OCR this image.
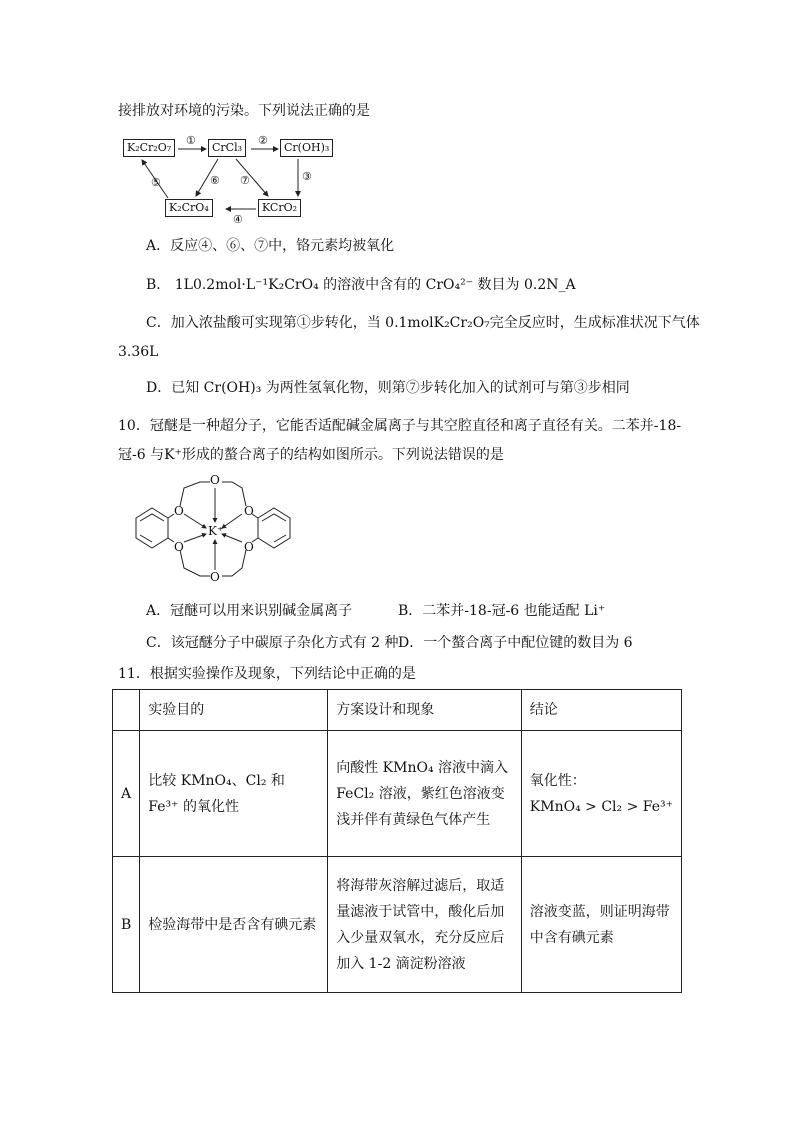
接排放对环境的污染。下列说法正确的是
K₂Cr₂O₇	CrCl₃	Cr(OH)₃
K₂CrO₄	KCrO₂
①	②
③
④
⑤	⑥ ⑦
A．反应④、⑥、⑦中，铬元素均被氧化
B． 1L0.2mol·L⁻¹K₂CrO₄ 的溶液中含有的 CrO₄²⁻ 数目为 0.2N_A
C．加入浓盐酸可实现第①步转化，当 0.1molK₂Cr₂O₇完全反应时，生成标准状况下气体
3.36L
D．已知 Cr(OH)₃ 为两性氢氧化物，则第⑦步转化加入的试剂可与第③步相同
10．冠醚是一种超分子，它能否适配碱金属离子与其空腔直径和离子直径有关。二苯并-18-
冠-6 与K⁺形成的螯合离子的结构如图所示。下列说法错误的是
O
O
O
O
O
O
K⁺
A．冠醚可以用来识别碱金属离子	B．二苯并-18-冠-6 也能适配 Li⁺
C．该冠醚分子中碳原子杂化方式有 2 种 D．一个螯合离子中配位键的数目为 6
11．根据实验操作及现象，下列结论中正确的是
	实验目的	方案设计和现象	结论
A	比较 KMnO₄、Cl₂ 和 Fe³⁺ 的氧化性	向酸性 KMnO₄ 溶液中滴入 FeCl₂ 溶液，紫红色溶液变浅并伴有黄绿色气体产生	氧化性：
KMnO₄ > Cl₂ > Fe³⁺

B	检验海带中是否含有碘元素	将海带灰溶解过滤后，取适量滤液于试管中，酸化后加入少量双氧水，充分反应后加入 1-2 滴淀粉溶液	溶液变蓝，则证明海带中含有碘元素
